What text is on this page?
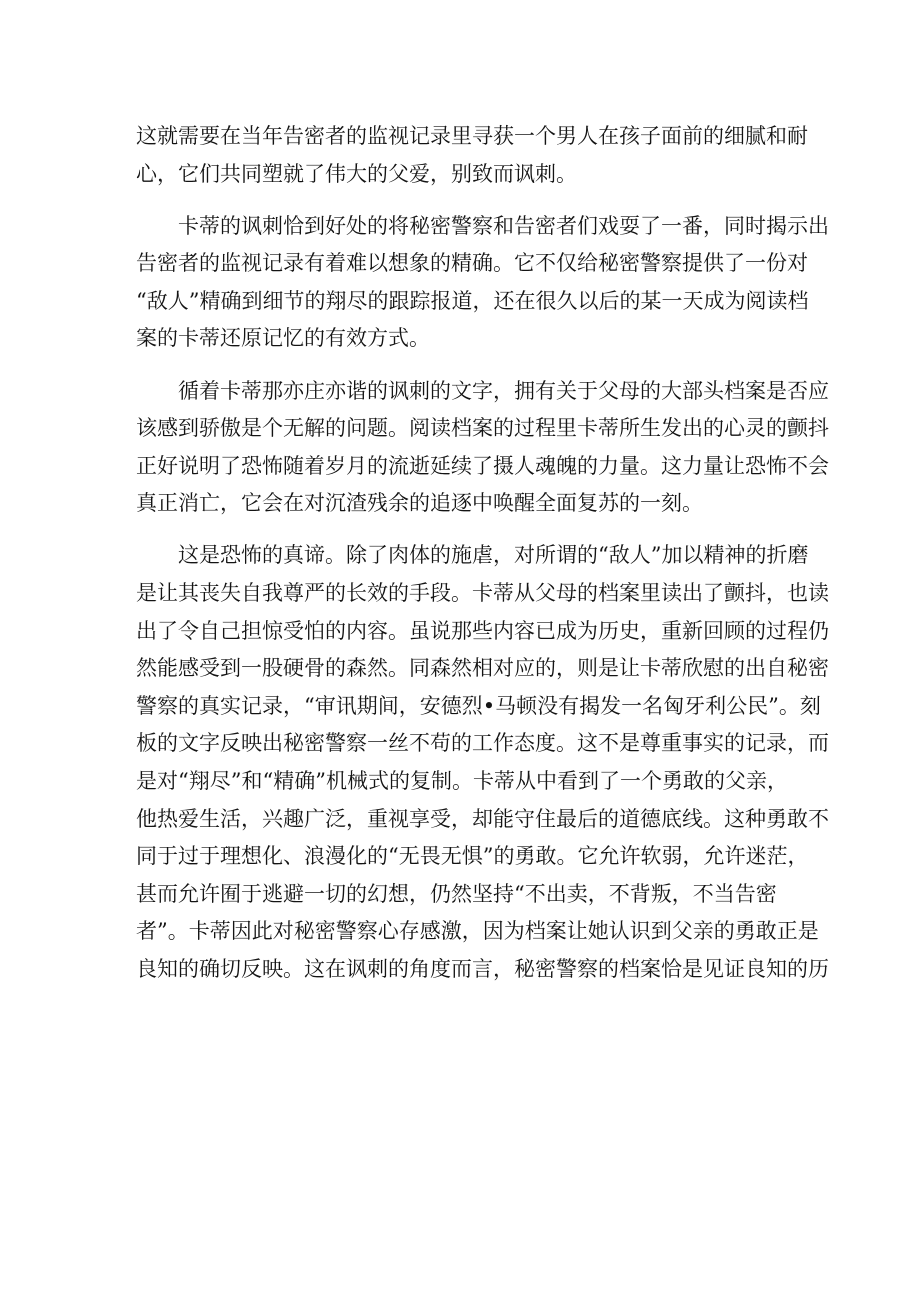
这就需要在当年告密者的监视记录里寻获一个男人在孩子面前的细腻和耐
心，它们共同塑就了伟大的父爱，别致而讽刺。

　　卡蒂的讽刺恰到好处的将秘密警察和告密者们戏耍了一番，同时揭示出
告密者的监视记录有着难以想象的精确。它不仅给秘密警察提供了一份对
“敌人”精确到细节的翔尽的跟踪报道，还在很久以后的某一天成为阅读档
案的卡蒂还原记忆的有效方式。

　　循着卡蒂那亦庄亦谐的讽刺的文字，拥有关于父母的大部头档案是否应
该感到骄傲是个无解的问题。阅读档案的过程里卡蒂所生发出的心灵的颤抖
正好说明了恐怖随着岁月的流逝延续了摄人魂魄的力量。这力量让恐怖不会
真正消亡，它会在对沉渣残余的追逐中唤醒全面复苏的一刻。

　　这是恐怖的真谛。除了肉体的施虐，对所谓的“敌人”加以精神的折磨
是让其丧失自我尊严的长效的手段。卡蒂从父母的档案里读出了颤抖，也读
出了令自己担惊受怕的内容。虽说那些内容已成为历史，重新回顾的过程仍
然能感受到一股硬骨的森然。同森然相对应的，则是让卡蒂欣慰的出自秘密
警察的真实记录，“审讯期间，安德烈•马顿没有揭发一名匈牙利公民”。刻
板的文字反映出秘密警察一丝不苟的工作态度。这不是尊重事实的记录，而
是对“翔尽”和“精确”机械式的复制。卡蒂从中看到了一个勇敢的父亲，
他热爱生活，兴趣广泛，重视享受，却能守住最后的道德底线。这种勇敢不
同于过于理想化、浪漫化的“无畏无惧”的勇敢。它允许软弱，允许迷茫，
甚而允许囿于逃避一切的幻想，仍然坚持“不出卖，不背叛，不当告密
者”。卡蒂因此对秘密警察心存感激，因为档案让她认识到父亲的勇敢正是
良知的确切反映。这在讽刺的角度而言，秘密警察的档案恰是见证良知的历
